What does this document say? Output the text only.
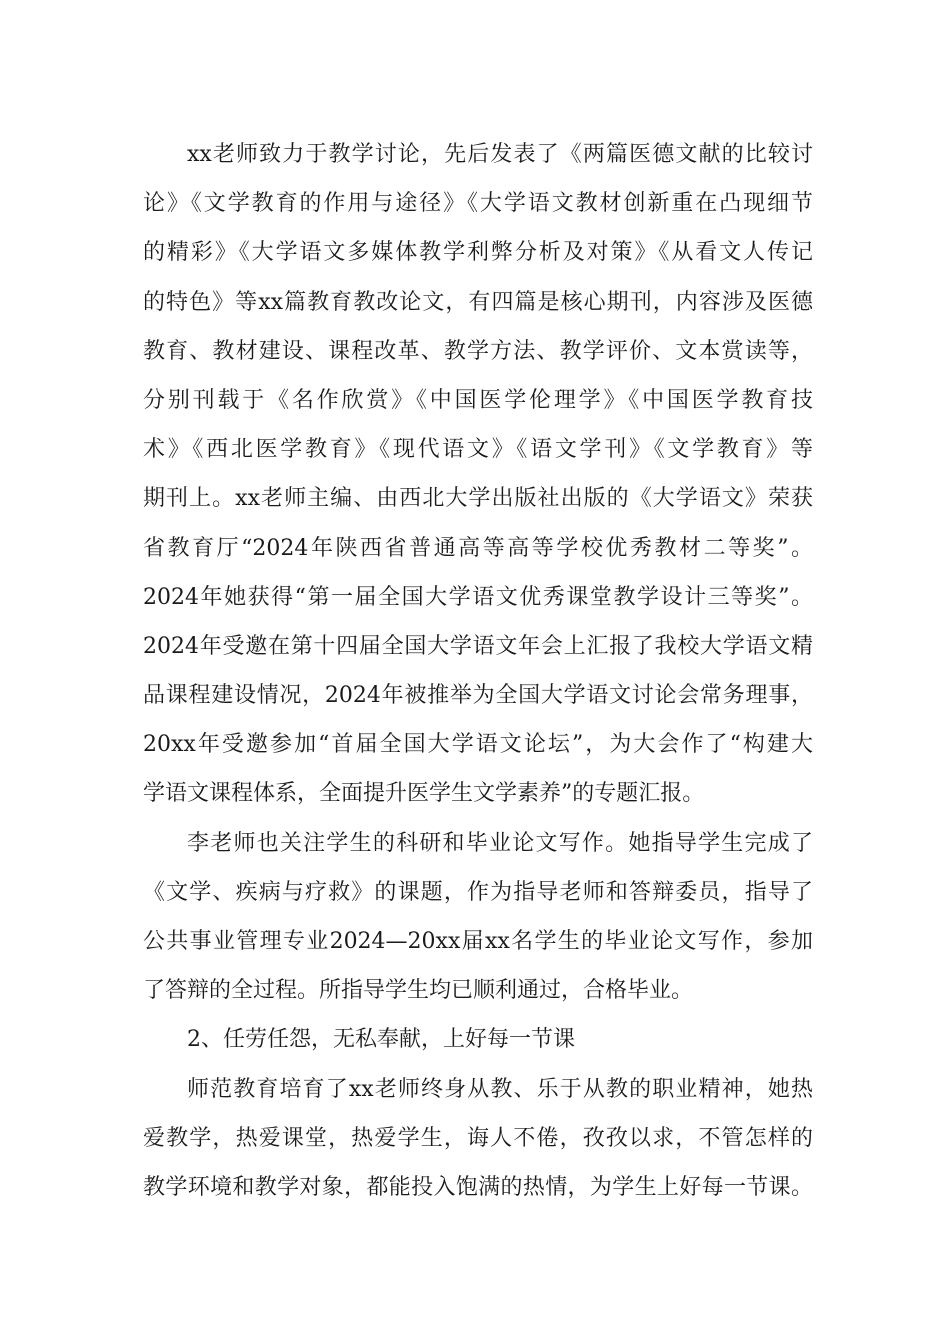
xx老师致力于教学讨论，先后发表了《两篇医德文献的比较讨
论》《文学教育的作用与途径》《大学语文教材创新重在凸现细节
的精彩》《大学语文多媒体教学利弊分析及对策》《从看文人传记
的特色》等xx篇教育教改论文，有四篇是核心期刊，内容涉及医德
教育、教材建设、课程改革、教学方法、教学评价、文本赏读等，
分别刊载于《名作欣赏》《中国医学伦理学》《中国医学教育技
术》《西北医学教育》《现代语文》《语文学刊》《文学教育》等
期刊上。xx老师主编、由西北大学出版社出版的《大学语文》荣获
省教育厅“2024年陕西省普通高等高等学校优秀教材二等奖”。
2024年她获得“第一届全国大学语文优秀课堂教学设计三等奖”。
2024年受邀在第十四届全国大学语文年会上汇报了我校大学语文精
品课程建设情况，2024年被推举为全国大学语文讨论会常务理事，
20xx年受邀参加“首届全国大学语文论坛”，为大会作了“构建大
学语文课程体系，全面提升医学生文学素养”的专题汇报。
李老师也关注学生的科研和毕业论文写作。她指导学生完成了
《文学、疾病与疗救》的课题，作为指导老师和答辩委员，指导了
公共事业管理专业2024—20xx届xx名学生的毕业论文写作，参加
了答辩的全过程。所指导学生均已顺利通过，合格毕业。
2、任劳任怨，无私奉献，上好每一节课
师范教育培育了xx老师终身从教、乐于从教的职业精神，她热
爱教学，热爱课堂，热爱学生，诲人不倦，孜孜以求，不管怎样的
教学环境和教学对象，都能投入饱满的热情，为学生上好每一节课。
